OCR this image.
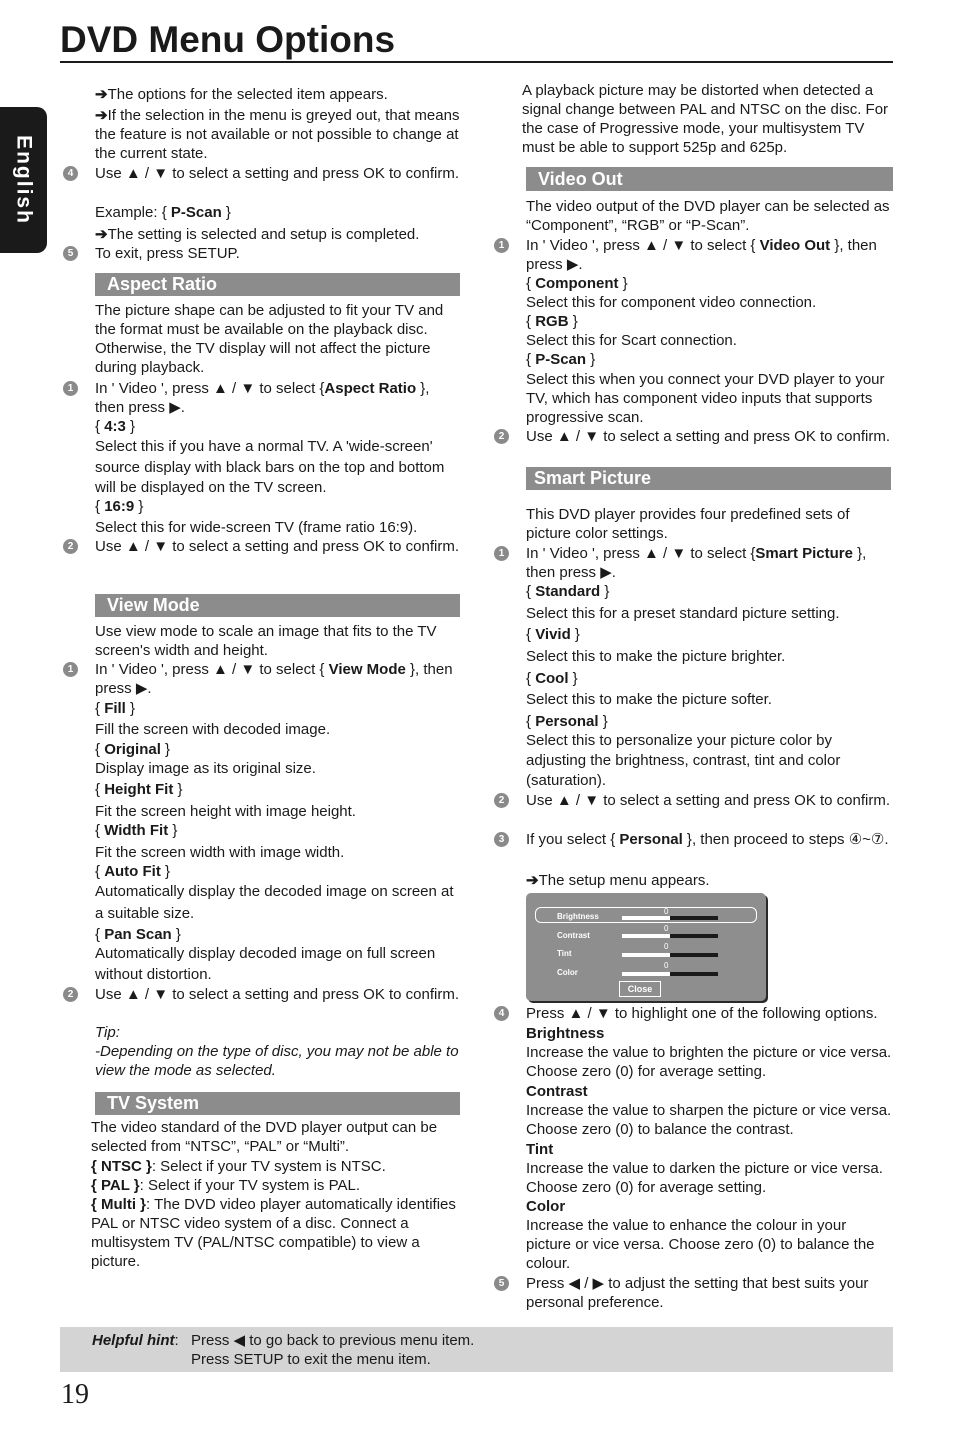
DVD Menu Options
English
➔The options for the selected item appears.
➔If the selection in the menu is greyed out, that means the feature is not available or not possible to change at the current state.
4	Use ▲ / ▼ to select a setting and press OK to confirm.
Example: { P-Scan }
➔The setting is selected and setup is completed.
5	To exit, press SETUP.
Aspect Ratio
The picture shape can be adjusted to fit your TV and the format must be available on the playback disc. Otherwise, the TV display will not affect the picture during playback.
1	In ' Video ', press ▲ / ▼ to select {Aspect Ratio }, then press ▶.
{ 4:3 }
Select this if you have a normal TV. A 'wide-screen' source display with black bars on the top and bottom will be displayed on the TV screen.
{ 16:9 }
Select this for wide-screen TV (frame ratio 16:9).
2	Use ▲ / ▼ to select a setting and press OK to confirm.
View Mode
Use view mode to scale an image that fits to the TV screen's width and height.
1	In ' Video ', press ▲ / ▼ to select { View Mode }, then press ▶.
{ Fill }
Fill the screen with decoded image.
{ Original }
Display image as its original size.
{ Height Fit }
Fit the screen height with image height.
{ Width Fit }
Fit the screen width with image width.
{ Auto Fit }
Automatically display the decoded image on screen at a suitable size.
{ Pan Scan }
Automatically display decoded image on full screen without distortion.
2	Use ▲ / ▼ to select a setting and press OK to confirm.
Tip:
-Depending on the type of disc, you may not be able to view the mode as selected.
TV System
The video standard of the DVD player output can be selected from “NTSC”, “PAL” or “Multi”.
{ NTSC }: Select if your TV system is NTSC.
{ PAL }: Select if your TV system is PAL.
{ Multi }: The DVD video player automatically identifies PAL or NTSC video system of a disc. Connect a multisystem TV (PAL/NTSC compatible) to view a picture.
A playback picture may be distorted when detected a signal change between PAL and NTSC on the disc. For the case of Progressive mode, your multisystem TV must be able to support 525p and 625p.
Video Out
The video output of the DVD player can be selected as “Component”, “RGB” or “P-Scan”.
1	In ' Video ', press ▲ / ▼ to select { Video Out }, then press ▶.
{ Component }
Select this for component video connection.
{ RGB }
Select this for Scart connection.
{ P-Scan }
Select this when you connect your DVD player to your TV, which has component video inputs that supports progressive scan.
2	Use ▲ / ▼ to select a setting and press OK to confirm.
Smart Picture
This DVD player provides four predefined sets of picture color settings.
1	In ' Video ', press ▲ / ▼ to select {Smart Picture }, then press ▶.
{ Standard }
Select this for a preset standard picture setting.
{ Vivid }
Select this to make the picture brighter.
{ Cool }
Select this to make the picture softer.
{ Personal }
Select this to personalize your picture color by adjusting the brightness, contrast, tint and color (saturation).
2	Use ▲ / ▼ to select a setting and press OK to confirm.
3	If you select { Personal }, then proceed to steps ④~⑦.
➔The setup menu appears.
4	Press ▲ / ▼ to highlight one of the following options.
Brightness
Increase the value to brighten the picture or vice versa. Choose zero (0) for average setting.
Contrast
Increase the value to sharpen the picture or vice versa. Choose zero (0) to balance the contrast.
Tint
Increase the value to darken the picture or vice versa. Choose zero (0) for average setting.
Color
Increase the value to enhance the colour in your picture or vice versa. Choose zero (0) to balance the colour.
5	Press ◀ / ▶ to adjust the setting that best suits your personal preference.
Brightness
0
Contrast
0
Tint
0
Color
0
Close
Helpful hint: Press ◀ to go back to previous menu item.
Press SETUP to exit the menu item.
19
